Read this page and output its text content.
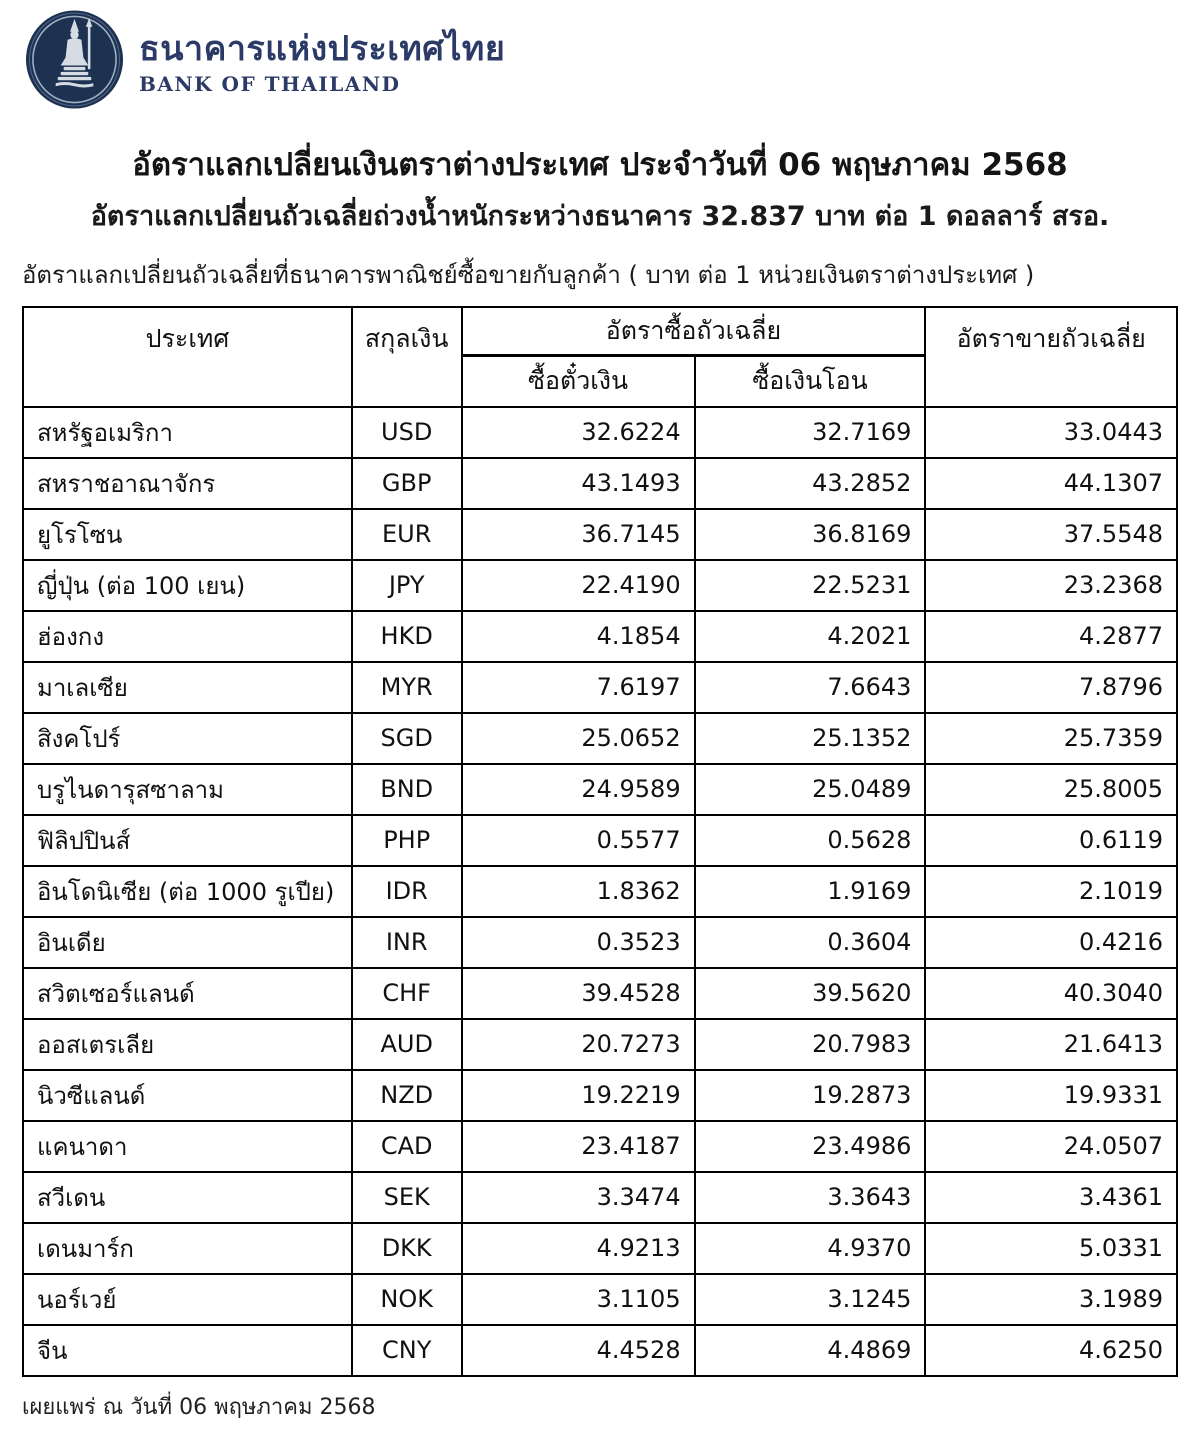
ธนาคารแห่งประเทศไทย
BANK OF THAILAND
อัตราแลกเปลี่ยนเงินตราต่างประเทศ ประจำวันที่ 06 พฤษภาคม 2568
อัตราแลกเปลี่ยนถัวเฉลี่ยถ่วงน้ำหนักระหว่างธนาคาร 32.837 บาท ต่อ 1 ดอลลาร์ สรอ.
อัตราแลกเปลี่ยนถัวเฉลี่ยที่ธนาคารพาณิชย์ซื้อขายกับลูกค้า ( บาท ต่อ 1 หน่วยเงินตราต่างประเทศ )
ประเทศ	สกุลเงิน	อัตราซื้อถัวเฉลี่ย		อัตราขายถัวเฉลี่ย
		ซื้อตั๋วเงิน	ซื้อเงินโอน	
สหรัฐอเมริกา	USD	32.6224	32.7169	33.0443
สหราชอาณาจักร	GBP	43.1493	43.2852	44.1307
ยูโรโซน	EUR	36.7145	36.8169	37.5548
ญี่ปุ่น (ต่อ 100 เยน)	JPY	22.4190	22.5231	23.2368
ฮ่องกง	HKD	4.1854	4.2021	4.2877
มาเลเซีย	MYR	7.6197	7.6643	7.8796
สิงคโปร์	SGD	25.0652	25.1352	25.7359
บรูไนดารุสซาลาม	BND	24.9589	25.0489	25.8005
ฟิลิปปินส์	PHP	0.5577	0.5628	0.6119
อินโดนิเซีย (ต่อ 1000 รูเปีย)	IDR	1.8362	1.9169	2.1019
อินเดีย	INR	0.3523	0.3604	0.4216
สวิตเซอร์แลนด์	CHF	39.4528	39.5620	40.3040
ออสเตรเลีย	AUD	20.7273	20.7983	21.6413
นิวซีแลนด์	NZD	19.2219	19.2873	19.9331
แคนาดา	CAD	23.4187	23.4986	24.0507
สวีเดน	SEK	3.3474	3.3643	3.4361
เดนมาร์ก	DKK	4.9213	4.9370	5.0331
นอร์เวย์	NOK	3.1105	3.1245	3.1989
จีน	CNY	4.4528	4.4869	4.6250
เผยแพร่ ณ วันที่ 06 พฤษภาคม 2568
